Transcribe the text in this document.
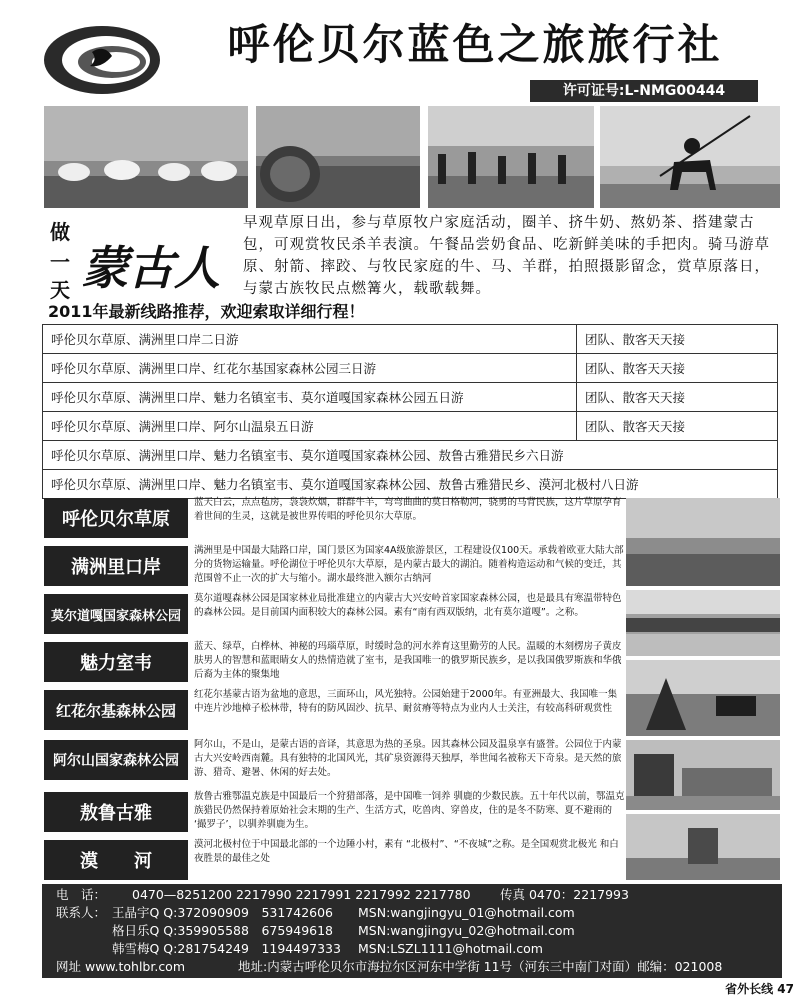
呼伦贝尔蓝色之旅旅行社
许可证号:L-NMG00444
做
一
天 蒙古人
早观草原日出，参与草原牧户家庭活动，圈羊、挤牛奶、熬奶茶、搭建蒙古包，可观赏牧民杀羊表演。午餐品尝奶食品、吃新鲜美味的手把肉。骑马游草原、射箭、摔跤、与牧民家庭的牛、马、羊群，拍照摄影留念，赏草原落日，与蒙古族牧民点燃篝火，载歌载舞。
2011年最新线路推荐，欢迎索取详细行程！
呼伦贝尔草原、满洲里口岸二日游	团队、散客天天接
呼伦贝尔草原、满洲里口岸、红花尔基国家森林公园三日游	团队、散客天天接
呼伦贝尔草原、满洲里口岸、魅力名镇室韦、莫尔道嘎国家森林公园五日游	团队、散客天天接
呼伦贝尔草原、满洲里口岸、阿尔山温泉五日游	团队、散客天天接
呼伦贝尔草原、满洲里口岸、魅力名镇室韦、莫尔道嘎国家森林公园、敖鲁古雅猎民乡六日游	
呼伦贝尔草原、满洲里口岸、魅力名镇室韦、莫尔道嘎国家森林公园、敖鲁古雅猎民乡、漠河北极村八日游	
呼伦贝尔草原
蓝天白云，点点毡房，袅袅炊烟，群群牛羊，弯弯曲曲的莫日格勒河，骁勇的马背民族，这片草原孕育着世间的生灵，这就是被世界传唱的呼伦贝尔大草原。
满洲里口岸
满洲里是中国最大陆路口岸，国门景区为国家4A级旅游景区，工程建设仅100天。承载着欧亚大陆大部分的货物运输量。呼伦湖位于呼伦贝尔大草原，是内蒙古最大的湖泊。随着构造运动和气候的变迁，其范围曾不止一次的扩大与缩小。湖水最终泄入额尔古纳河
莫尔道嘎国家森林公园
莫尔道嘎森林公园是国家林业局批准建立的内蒙古大兴安岭首家国家森林公园，也是最具有寒温带特色的森林公园。是目前国内面积较大的森林公园。素有“南有西双版纳，北有莫尔道嘎”。之称。
魅力室韦
蓝天、绿草，白桦林、神秘的玛瑙草原，时缓时急的河水养育这里勤劳的人民。温暖的木刻楞房子黄皮肤男人的智慧和蓝眼睛女人的热情造就了室韦，是我国唯一的俄罗斯民族乡，是以我国俄罗斯族和华俄后裔为主体的聚集地
红花尔基森林公园
红花尔基蒙古语为盆地的意思，三面环山，风光独特。公园始建于2000年。有亚洲最大、我国唯一集中连片沙地樟子松林带，特有的防风固沙、抗旱、耐贫瘠等特点为业内人士关注，有较高科研观赏性
阿尔山国家森林公园
阿尔山，不是山，是蒙古语的音译，其意思为热的圣泉。因其森林公园及温泉享有盛誉。公园位于内蒙古大兴安岭西南麓。具有独特的北国风光，其矿泉资源得天独厚，举世闻名被称天下奇泉。是天然的旅游、猎奇、避暑、休闲的好去处。
敖鲁古雅
敖鲁古雅鄂温克族是中国最后一个狩猎部落，是中国唯一饲养 驯鹿的少数民族。五十年代以前，鄂温克族猎民仍然保持着原始社会末期的生产、生活方式，吃兽肉、穿兽皮，住的是冬不防寒、夏不避雨的 ‘撮罗子’，以驯养驯鹿为生。
漠　　河
漠河北极村位于中国最北部的一个边陲小村，素有 “北极村”、“不夜城”之称。是全国观赏北极光 和白夜胜景的最佳之处
电　话： 0470—8251200 2217990 2217991 2217992 2217780 传真 0470：2217993
联系人： 王晶宇Q Q:372090909　531742606 MSN:wangjingyu_01@hotmail.com
格日乐Q Q:359905588　675949618 MSN:wangjingyu_02@hotmail.com
韩雪梅Q Q:281754249　1194497333 MSN:LSZL1111@hotmail.com
网址 www.tohlbr.com	地址:内蒙古呼伦贝尔市海拉尔区河东中学街 11号（河东三中南门对面）邮编：021008
省外长线 47
